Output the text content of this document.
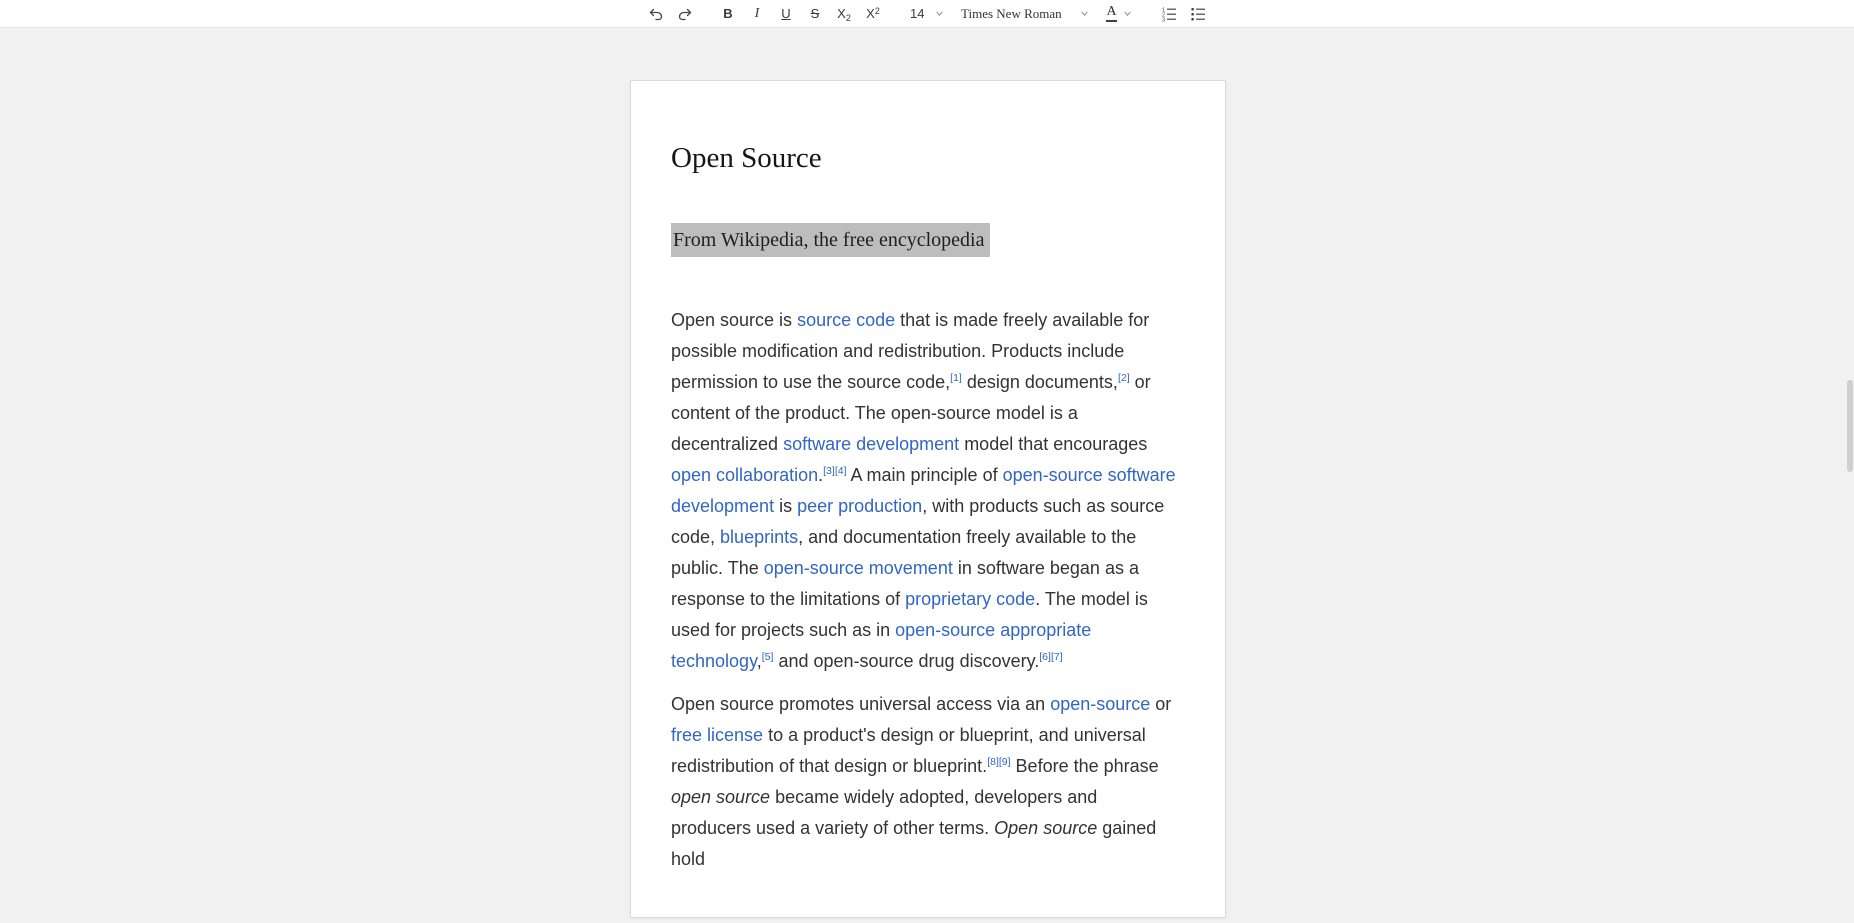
B I U S X 2 X 2 14	Times New Roman	A	1
2
3
Open Source
From Wikipedia, the free encyclopedia

Open source is source code that is made freely available for possible modification and redistribution. Products include permission to use the source code,[1] design documents,[2] or content of the product. The open-source model is a decentralized software development model that encourages open collaboration.[3][4] A main principle of open-source software development is peer production, with products such as source code, blueprints, and documentation freely available to the public. The open-source movement in software began as a response to the limitations of proprietary code. The model is used for projects such as in open-source appropriate technology,[5] and open-source drug discovery.[6][7]

Open source promotes universal access via an open-source or free license to a product's design or blueprint, and universal redistribution of that design or blueprint.[8][9] Before the phrase open source became widely adopted, developers and producers used a variety of other terms. Open source gained hold
